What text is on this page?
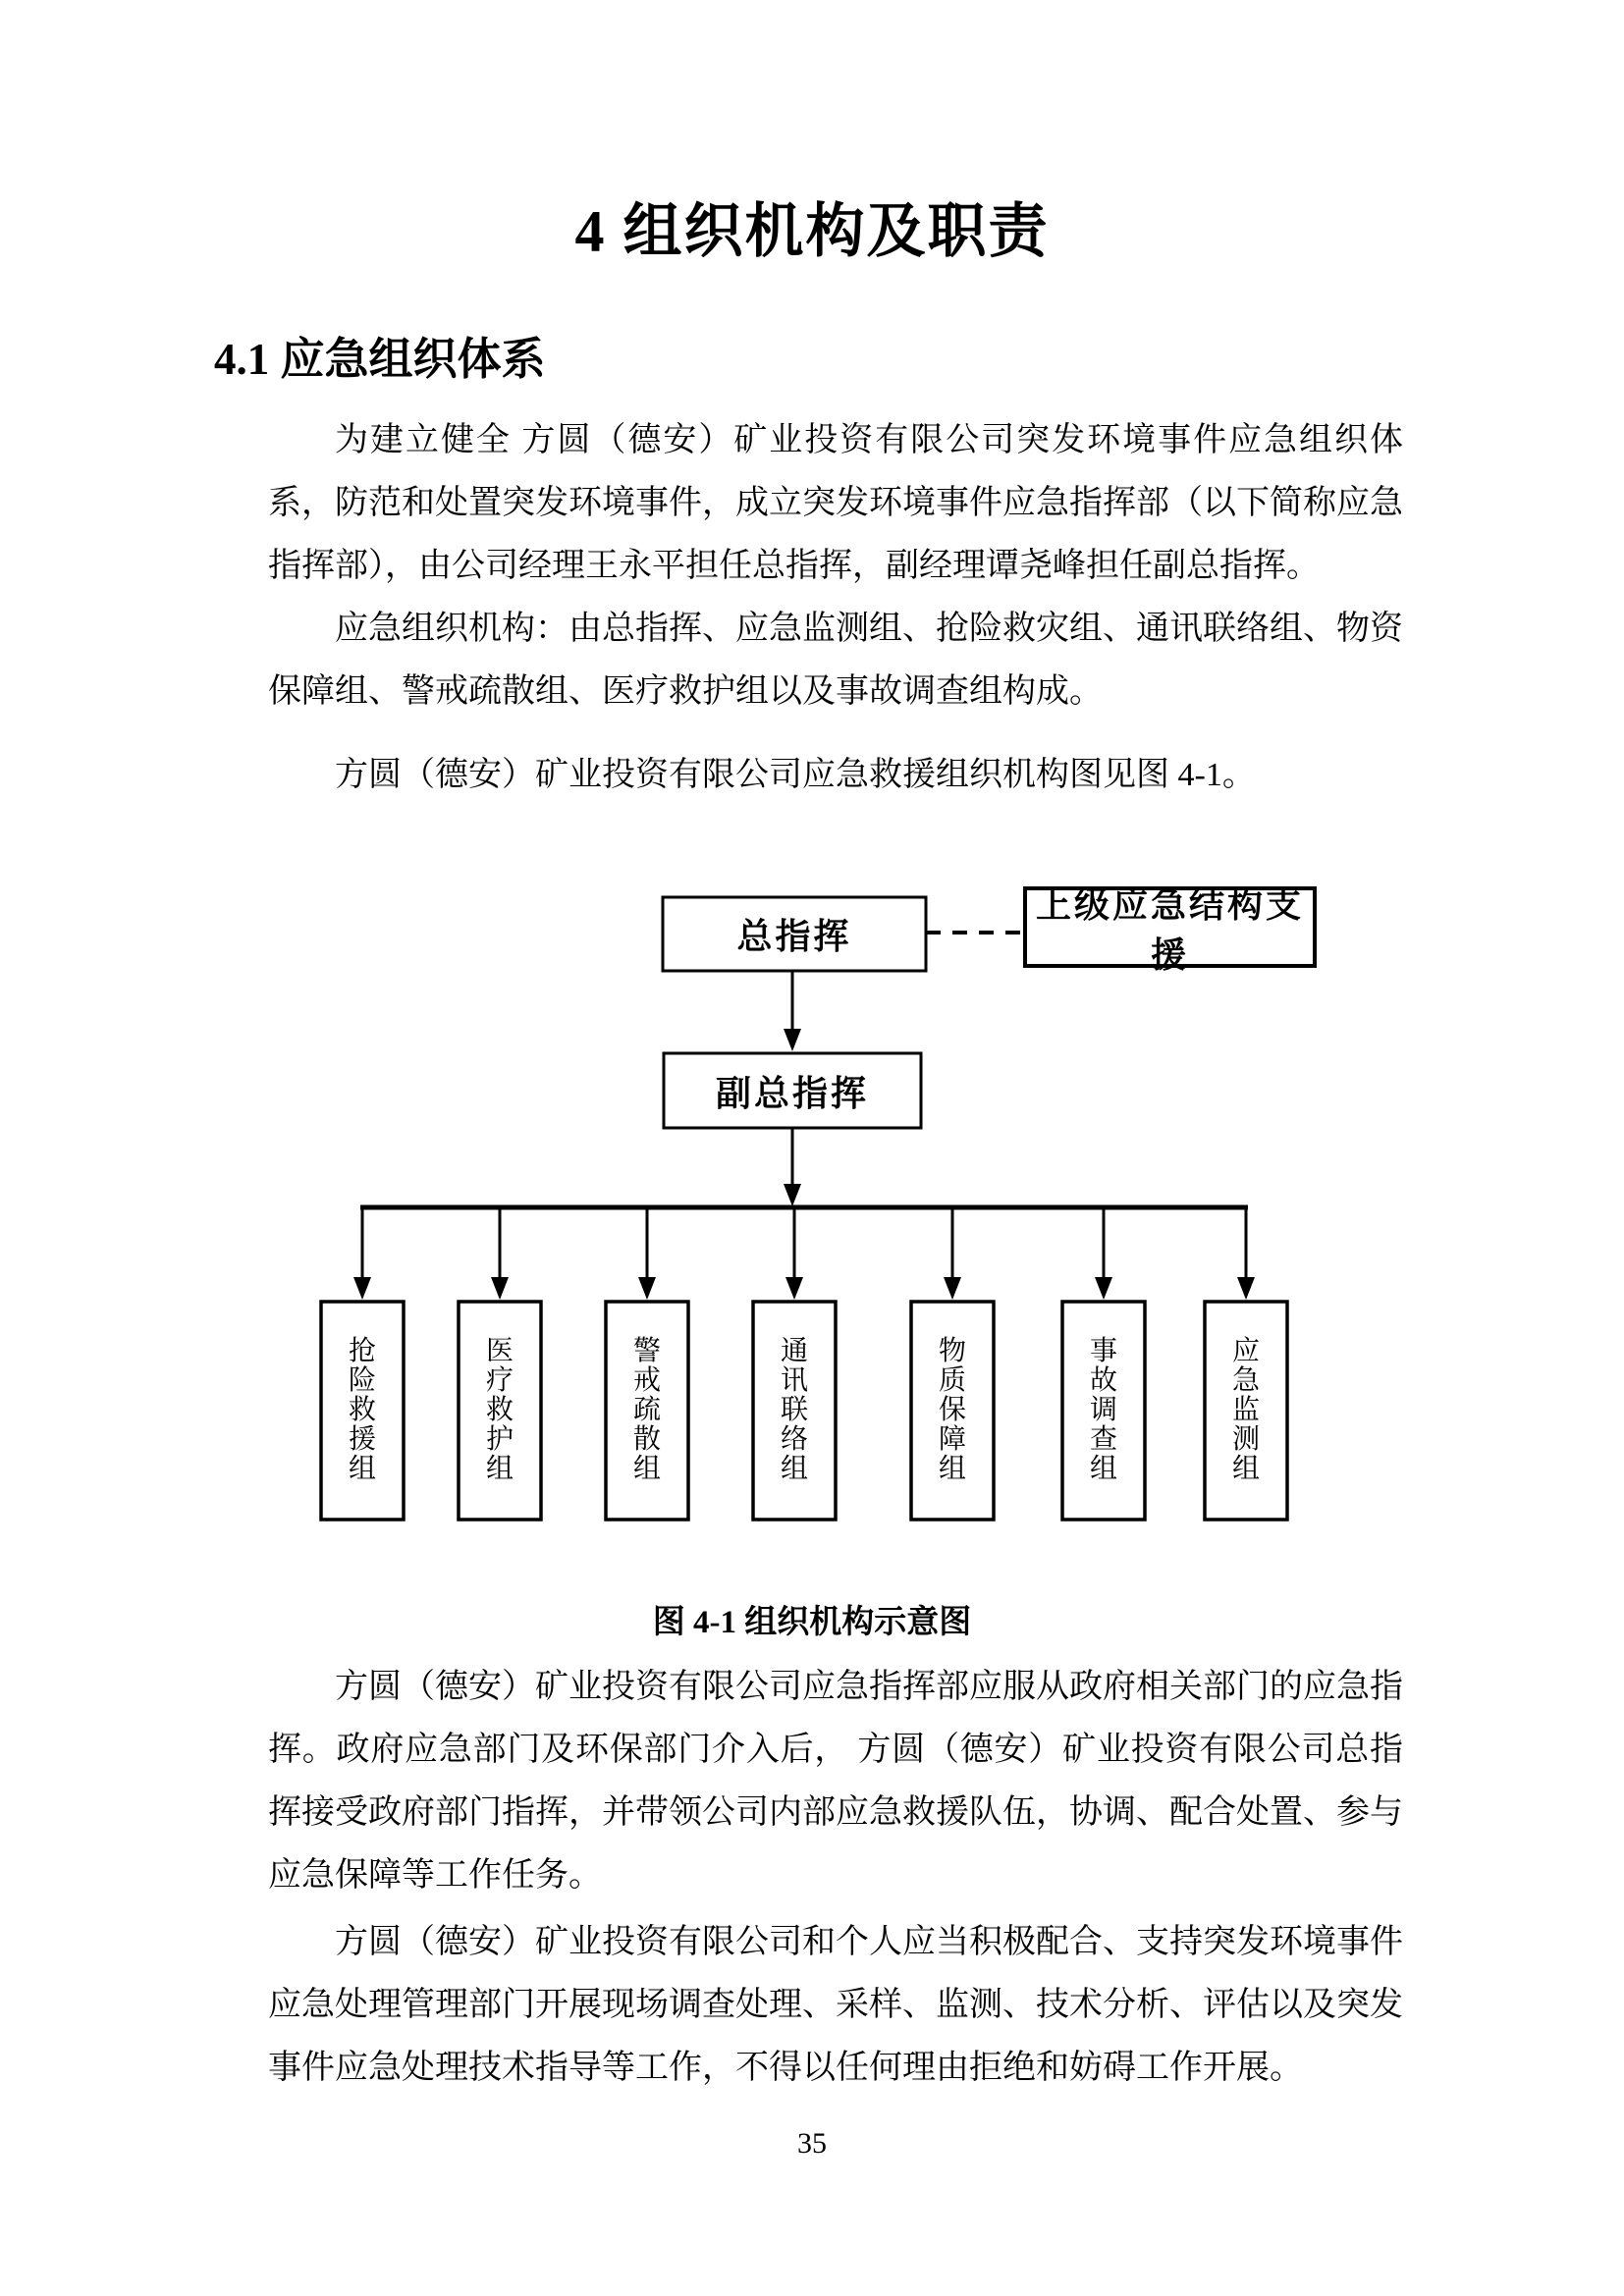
4 组织机构及职责
4.1 应急组织体系
为建立健全 方圆（德安）矿业投资有限公司突发环境事件应急组织体系，防范和处置突发环境事件，成立突发环境事件应急指挥部（以下简称应急指挥部），由公司经理王永平担任总指挥，副经理谭尧峰担任副总指挥。
应急组织机构：由总指挥、应急监测组、抢险救灾组、通讯联络组、物资保障组、警戒疏散组、医疗救护组以及事故调查组构成。
方圆（德安）矿业投资有限公司应急救援组织机构图见图 4-1。
总指挥
上级应急结构支援
副总指挥
抢险救援组
医疗救护组
警戒疏散组
通讯联络组
物质保障组
事故调查组
应急监测组
图 4-1 组织机构示意图
方圆（德安）矿业投资有限公司应急指挥部应服从政府相关部门的应急指挥。政府应急部门及环保部门介入后， 方圆（德安）矿业投资有限公司总指挥接受政府部门指挥，并带领公司内部应急救援队伍，协调、配合处置、参与应急保障等工作任务。
方圆（德安）矿业投资有限公司和个人应当积极配合、支持突发环境事件应急处理管理部门开展现场调查处理、采样、监测、技术分析、评估以及突发事件应急处理技术指导等工作，不得以任何理由拒绝和妨碍工作开展。
35
